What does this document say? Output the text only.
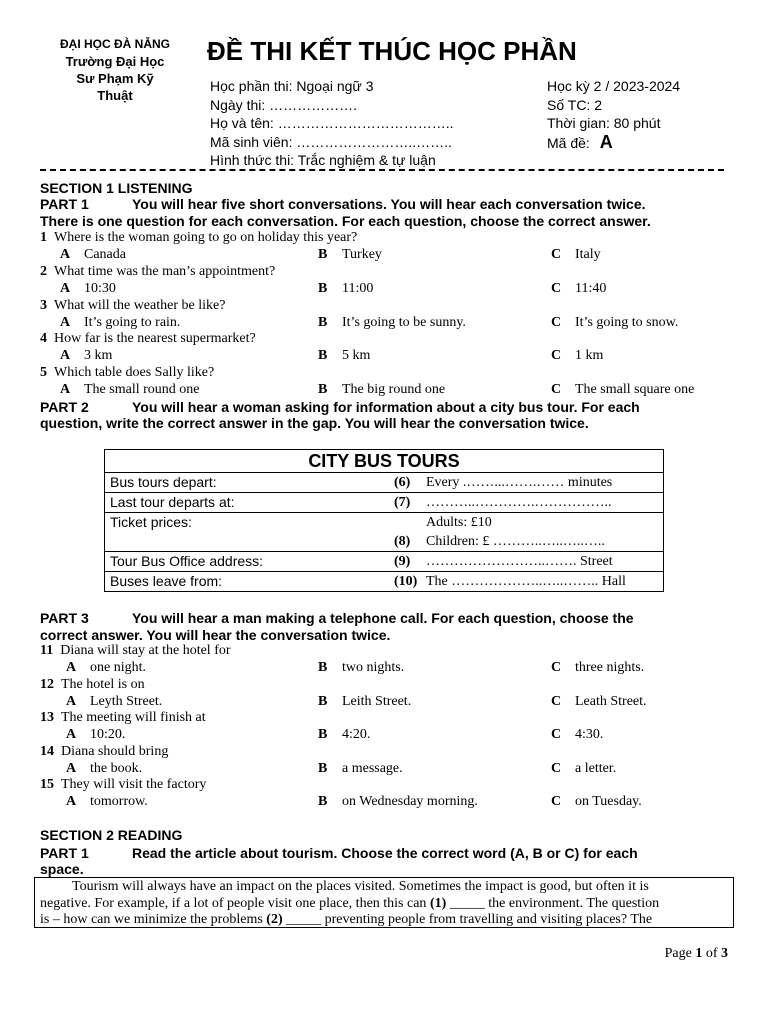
ĐẠI HỌC ĐÀ NẴNG
Trường Đại Học
Sư Phạm Kỹ
Thuật
ĐỀ THI KẾT THÚC HỌC PHẦN
Học phần thi: Ngoại ngữ 3
Ngày thi: ……………….
Họ và tên: ………………………………..
Mã sinh viên: ……………………..……..
Hình thức thi: Trắc nghiệm & tự luận
Học kỳ 2 / 2023-2024
Số TC: 2
Thời gian: 80 phút
Mã đề: A
SECTION 1 LISTENING
PART 1	You will hear five short conversations. You will hear each conversation twice.
There is one question for each conversation. For each question, choose the correct answer.
1 Where is the woman going to go on holiday this year?
A Canada	B Turkey	C Italy
2 What time was the man’s appointment?
A 10:30	B 11:00	C 11:40
3 What will the weather be like?
A It’s going to rain.	B It’s going to be sunny.	C It’s going to snow.
4 How far is the nearest supermarket?
A 3 km	B 5 km	C 1 km
5 Which table does Sally like?
A The small round one	B The big round one	C The small square one
PART 2	You will hear a woman asking for information about a city bus tour. For each
question, write the correct answer in the gap. You will hear the conversation twice.
CITY BUS TOURS
Bus tours depart:	(6) Every .……...…….…… minutes
Last tour departs at:	(7) ………..………….……………..
Ticket prices:	Adults: £10

(8) Children: £ ………..…..…..…..
Tour Bus Office address:	(9) ……………………..……. Street
Buses leave from:	(10) The ………………..…..…….. Hall
PART 3	You will hear a man making a telephone call. For each question, choose the
correct answer. You will hear the conversation twice.
11 Diana will stay at the hotel for
A one night.	B two nights.	C three nights.
12 The hotel is on
A Leyth Street.	B Leith Street.	C Leath Street.
13 The meeting will finish at
A 10:20.	B 4:20.	C 4:30.
14 Diana should bring
A the book.	B a message.	C a letter.
15 They will visit the factory
A tomorrow.	B on Wednesday morning.	C on Tuesday.
SECTION 2 READING
PART 1	Read the article about tourism. Choose the correct word (A, B or C) for each
space.
Tourism will always have an impact on the places visited. Sometimes the impact is good, but often it is
negative. For example, if a lot of people visit one place, then this can (1) _____ the environment. The question
is – how can we minimize the problems (2) _____ preventing people from travelling and visiting places? The
Page 1 of 3
